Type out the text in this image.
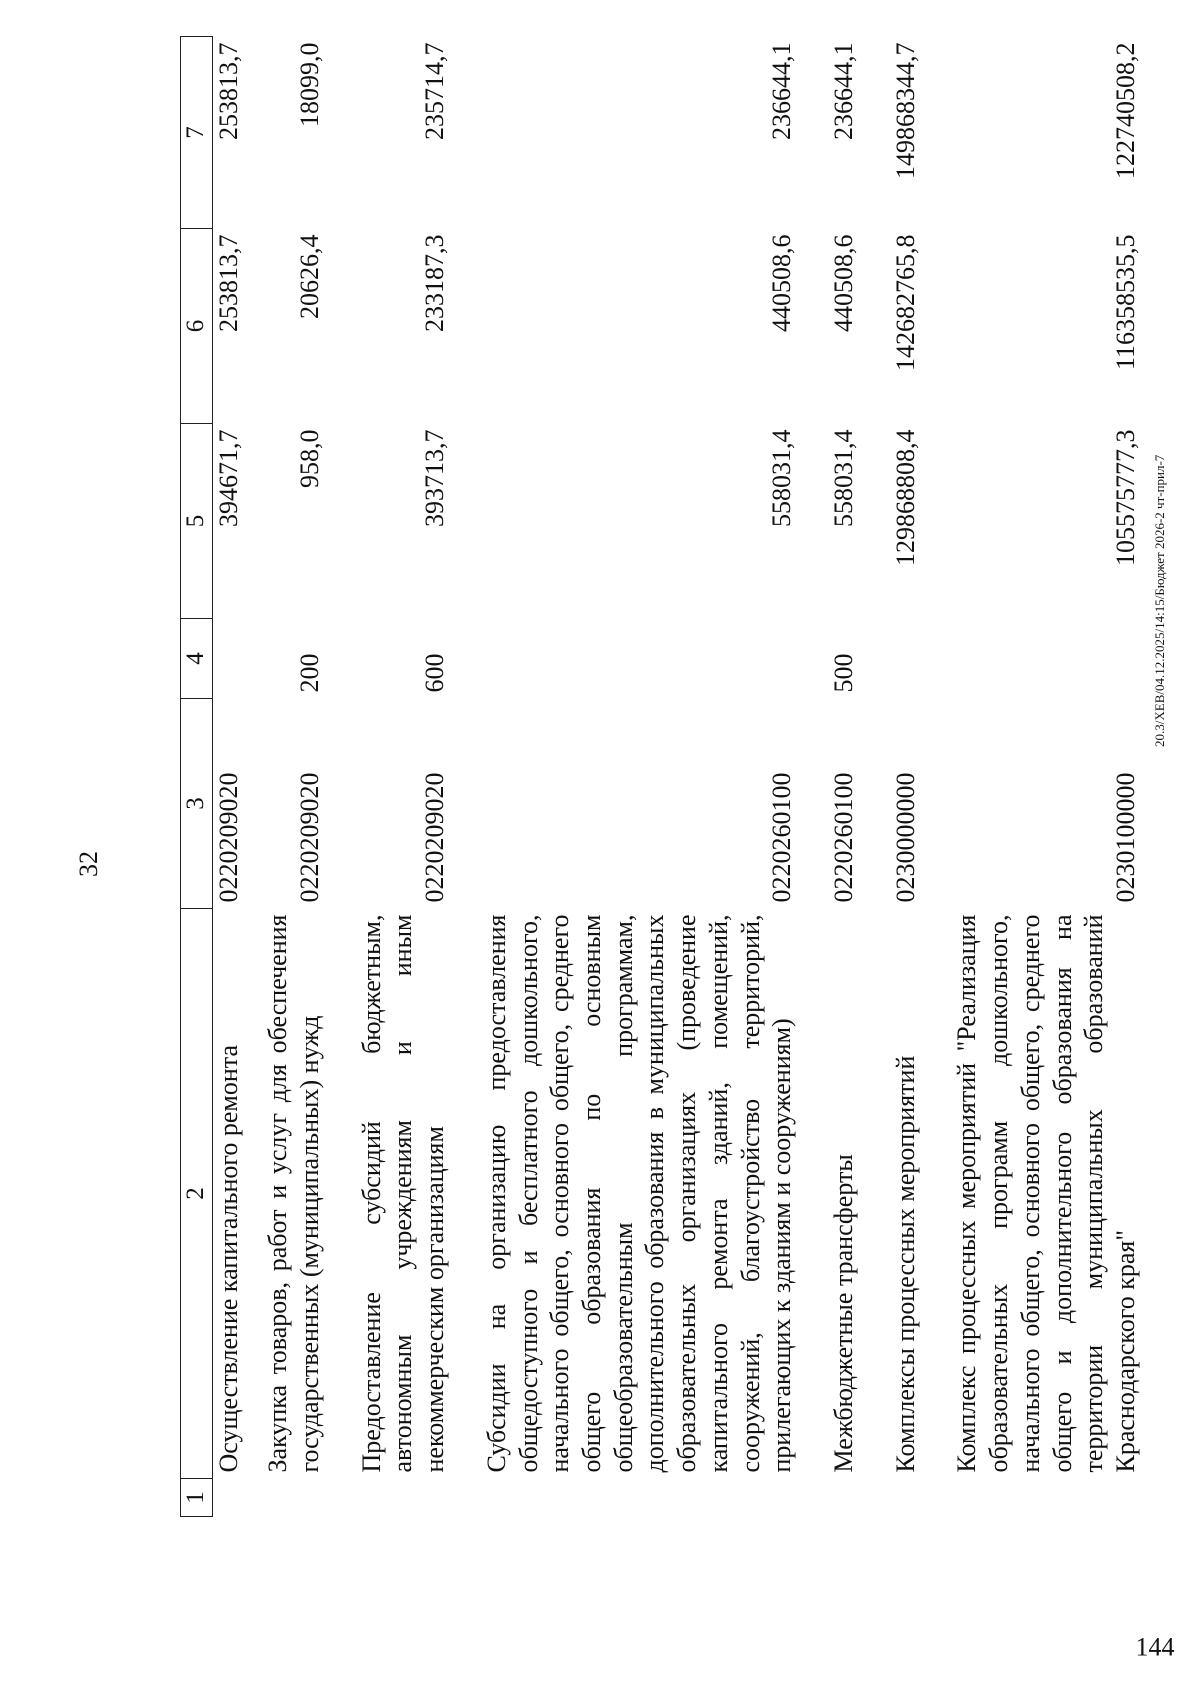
32
1	2	3	4	5	6	7
	Осуществление капитального ремонта	0220209020		394671,7	253813,7	253813,7
	Закупка товаров, работ и услуг для обеспечения государственных (муниципальных) нужд	0220209020	200	958,0	20626,4	18099,0
	Предоставление субсидий бюджетным, автономным учреждениям и иным некоммерческим организациям	0220209020	600	393713,7	233187,3	235714,7
	Субсидии на организацию предоставления общедоступного и бесплатного дошкольного, начального общего, основного общего, среднего общего образования по основным общеобразовательным программам, дополнительного образования в муниципальных образовательных организациях (проведение капитального ремонта зданий, помещений, сооружений, благоустройство территорий, прилегающих к зданиям и сооружениям)	0220260100		558031,4	440508,6	236644,1
	Межбюджетные трансферты	0220260100	500	558031,4	440508,6	236644,1
	Комплексы процессных мероприятий	0230000000		129868808,4	142682765,8	149868344,7
	Комплекс процессных мероприятий "Реализация образовательных программ дошкольного, начального общего, основного общего, среднего общего и дополнительного образования на территории муниципальных образований Краснодарского края"	0230100000		105575777,3	116358535,5	122740508,2
20.3/XEB/04.12.2025/14:15/Бюджет 2026-2 чт-прил-7
144
